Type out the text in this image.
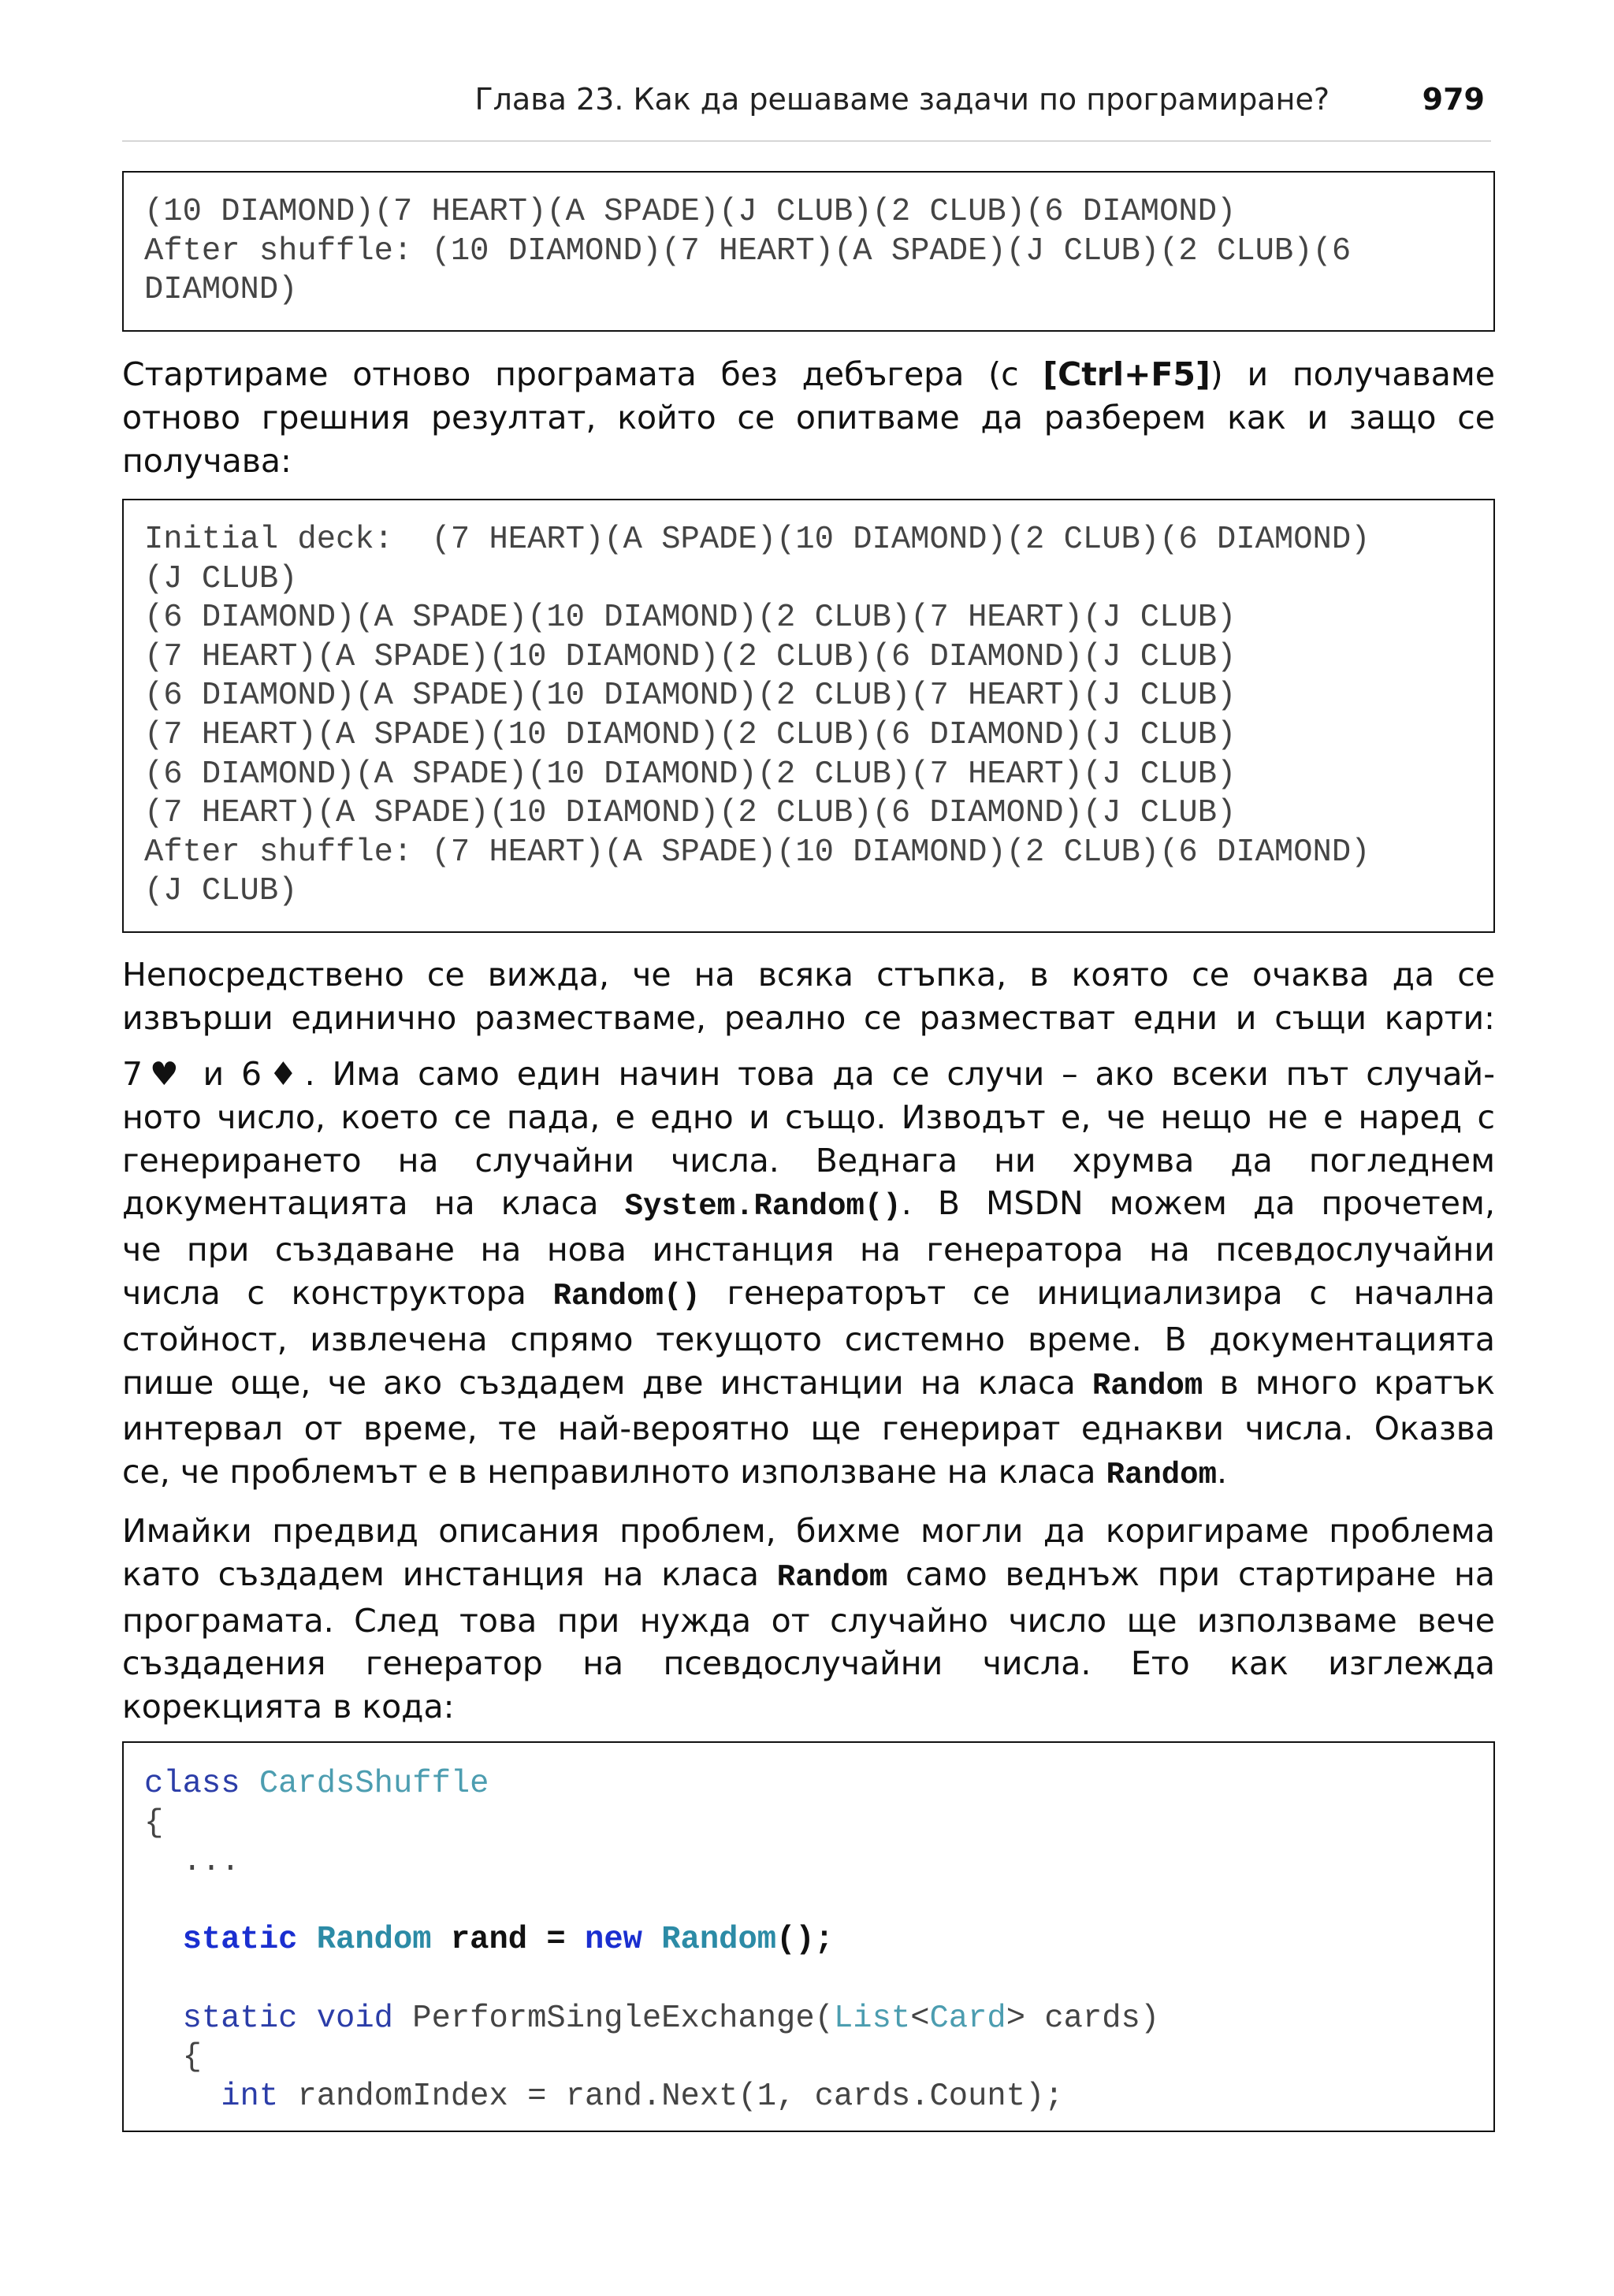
Глава 23. Как да решаваме задачи по програмиране?	979
(10 DIAMOND)(7 HEART)(A SPADE)(J CLUB)(2 CLUB)(6 DIAMOND)
After shuffle: (10 DIAMOND)(7 HEART)(A SPADE)(J CLUB)(2 CLUB)(6
DIAMOND)
Стартираме отново програмата без дебъгера (с [Ctrl+F5]) и получаваме
отново грешния резултат, който се опитваме да разберем как и защо се
получава:
Initial deck:  (7 HEART)(A SPADE)(10 DIAMOND)(2 CLUB)(6 DIAMOND)
(J CLUB)
(6 DIAMOND)(A SPADE)(10 DIAMOND)(2 CLUB)(7 HEART)(J CLUB)
(7 HEART)(A SPADE)(10 DIAMOND)(2 CLUB)(6 DIAMOND)(J CLUB)
(6 DIAMOND)(A SPADE)(10 DIAMOND)(2 CLUB)(7 HEART)(J CLUB)
(7 HEART)(A SPADE)(10 DIAMOND)(2 CLUB)(6 DIAMOND)(J CLUB)
(6 DIAMOND)(A SPADE)(10 DIAMOND)(2 CLUB)(7 HEART)(J CLUB)
(7 HEART)(A SPADE)(10 DIAMOND)(2 CLUB)(6 DIAMOND)(J CLUB)
After shuffle: (7 HEART)(A SPADE)(10 DIAMOND)(2 CLUB)(6 DIAMOND)
(J CLUB)
Непосредствено се вижда, че на всяка стъпка, в която се очаква да се
извърши единично разместваме, реално се разместват едни и същи карти:
7♥ и 6♦. Има само един начин това да се случи – ако всеки път случай-
ното число, което се пада, е едно и също. Изводът е, че нещо не е наред с
генерирането на случайни числа. Веднага ни хрумва да погледнем
документацията на класа System.Random(). В MSDN можем да прочетем,
че при създаване на нова инстанция на генератора на псевдослучайни
числа с конструктора Random() генераторът се инициализира с начална
стойност, извлечена спрямо текущото системно време. В документацията
пише още, че ако създадем две инстанции на класа Random в много кратък
интервал от време, те най-вероятно ще генерират еднакви числа. Оказва
се, че проблемът е в неправилното използване на класа Random.
Имайки предвид описания проблем, бихме могли да коригираме проблема
като създадем инстанция на класа Random само веднъж при стартиране на
програмата. След това при нужда от случайно число ще използваме вече
създадения генератор на псевдослучайни числа. Ето как изглежда
корекцията в кода:
class CardsShuffle
{
...

static Random rand = new Random();

static void PerformSingleExchange(List<Card> cards)
{
int randomIndex = rand.Next(1, cards.Count);
